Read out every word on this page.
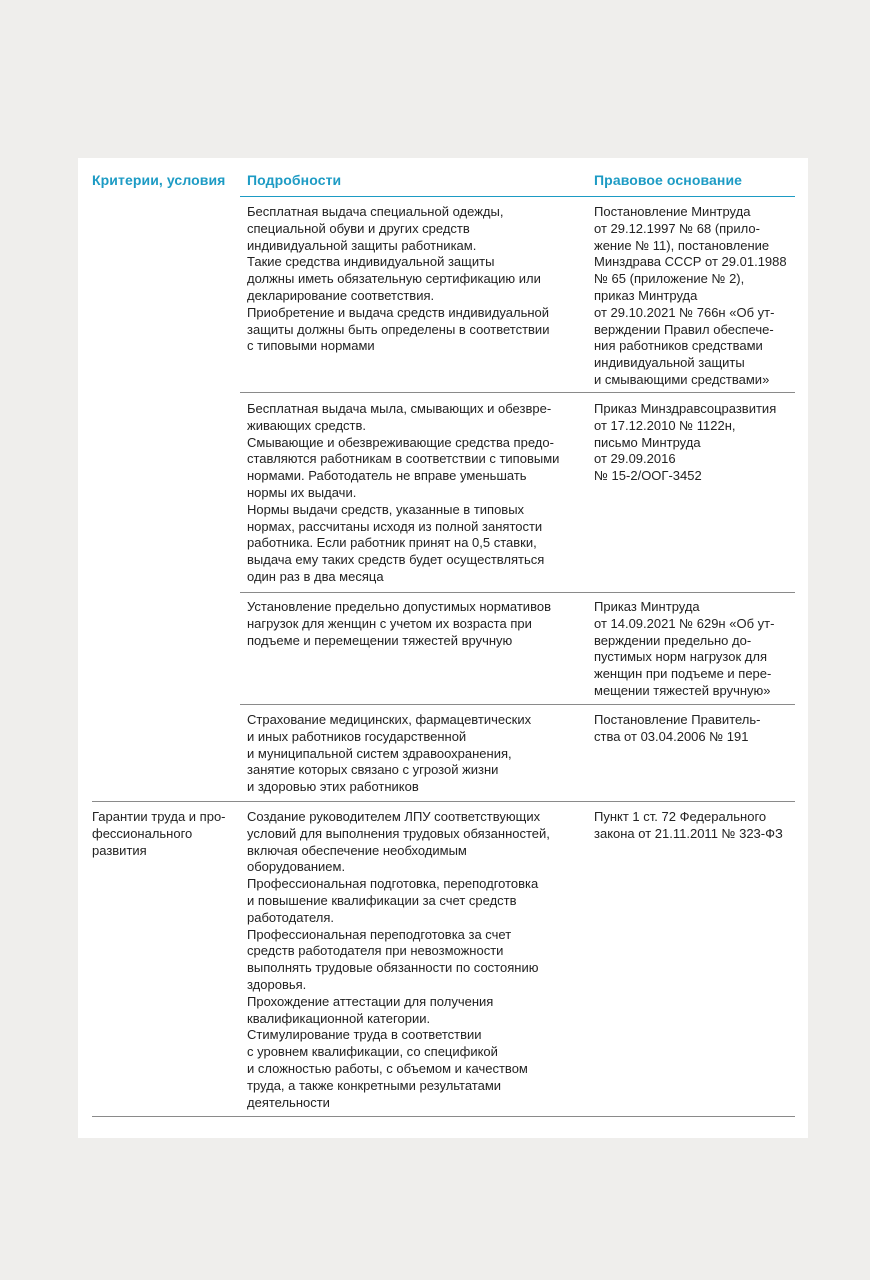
Критерии, условия Подробности	Правовое основание
Бесплатная выдача специальной одежды,
специальной обуви и других средств
индивидуальной защиты работникам.
Такие средства индивидуальной защиты
должны иметь обязательную сертификацию или
декларирование соответствия.
Приобретение и выдача средств индивидуальной
защиты должны быть определены в соответствии
с типовыми нормами
Постановление Минтруда
от 29.12.1997 № 68 (прило-
жение № 11), постановление
Минздрава СССР от 29.01.1988
№ 65 (приложение № 2),
приказ Минтруда
от 29.10.2021 № 766н «Об ут-
верждении Правил обеспече-
ния работников средствами
индивидуальной защиты
и смывающими средствами»
Бесплатная выдача мыла, смывающих и обезвре-
живающих средств.
Смывающие и обезвреживающие средства предо-
ставляются работникам в соответствии с типовыми
нормами. Работодатель не вправе уменьшать
нормы их выдачи.
Нормы выдачи средств, указанные в типовых
нормах, рассчитаны исходя из полной занятости
работника. Если работник принят на 0,5 ставки,
выдача ему таких средств будет осуществляться
один раз в два месяца
Приказ Минздравсоцразвития
от 17.12.2010 № 1122н,
письмо Минтруда
от 29.09.2016
№ 15-2/ООГ-3452
Установление предельно допустимых нормативов
нагрузок для женщин с учетом их возраста при
подъеме и перемещении тяжестей вручную
Приказ Минтруда
от 14.09.2021 № 629н «Об ут-
верждении предельно до-
пустимых норм нагрузок для
женщин при подъеме и пере-
мещении тяжестей вручную»
Страхование медицинских, фармацевтических
и иных работников государственной
и муниципальной систем здравоохранения,
занятие которых связано с угрозой жизни
и здоровью этих работников
Постановление Правитель-
ства от 03.04.2006 № 191
Гарантии труда и про-
фессионального
развития
Создание руководителем ЛПУ соответствующих
условий для выполнения трудовых обязанностей,
включая обеспечение необходимым
оборудованием.
Профессиональная подготовка, переподготовка
и повышение квалификации за счет средств
работодателя.
Профессиональная переподготовка за счет
средств работодателя при невозможности
выполнять трудовые обязанности по состоянию
здоровья.
Прохождение аттестации для получения
квалификационной категории.
Стимулирование труда в соответствии
с уровнем квалификации, со спецификой
и сложностью работы, с объемом и качеством
труда, а также конкретными результатами
деятельности
Пункт 1 ст. 72 Федерального
закона от 21.11.2011 № 323-ФЗ
